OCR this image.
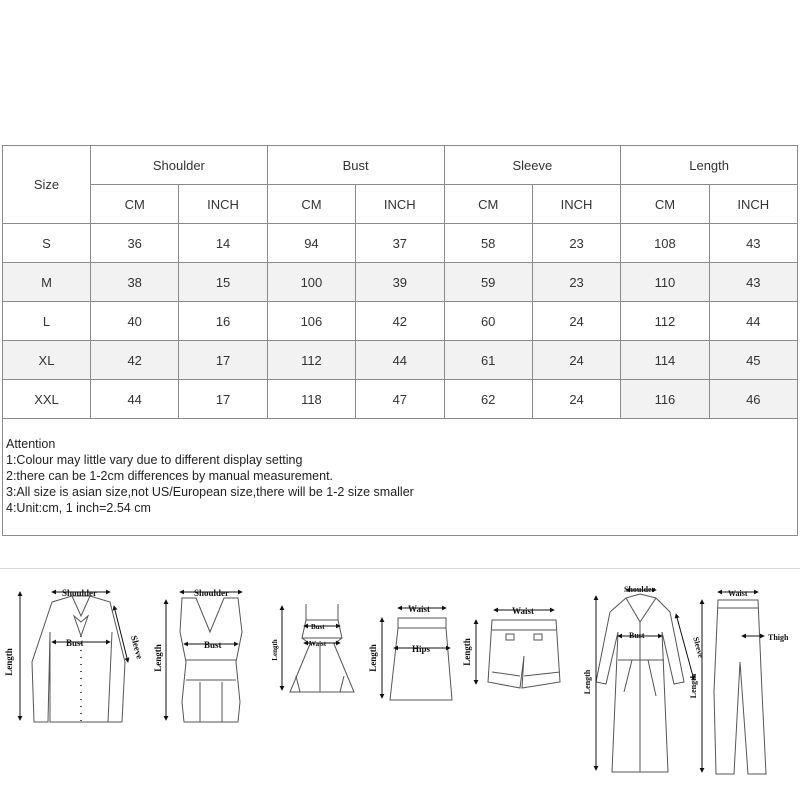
Size	Shoulder		Bust		Sleeve		Length	
	CM	INCH	CM	INCH	CM	INCH	CM	INCH
S	36	14	94	37	58	23	108	43
M	38	15	100	39	59	23	110	43
L	40	16	106	42	60	24	112	44
XL	42	17	112	44	61	24	114	45
XXL	44	17	118	47	62	24	116	46
Attention
1:Colour may little vary due to different display setting
2:there can be 1-2cm differences by manual measurement.
3:All size is asian size,not US/European size,there will be 1-2 size smaller
4:Unit:cm, 1 inch=2.54 cm
Shoulder
Bust
Length
Sleeve
Shoulder
Bust
Length
Bust
Waist
Length
Waist
Hips
Length
Waist
Length
Shoulder
Bust
Length
Sleeve
Waist
Thigh
Length
